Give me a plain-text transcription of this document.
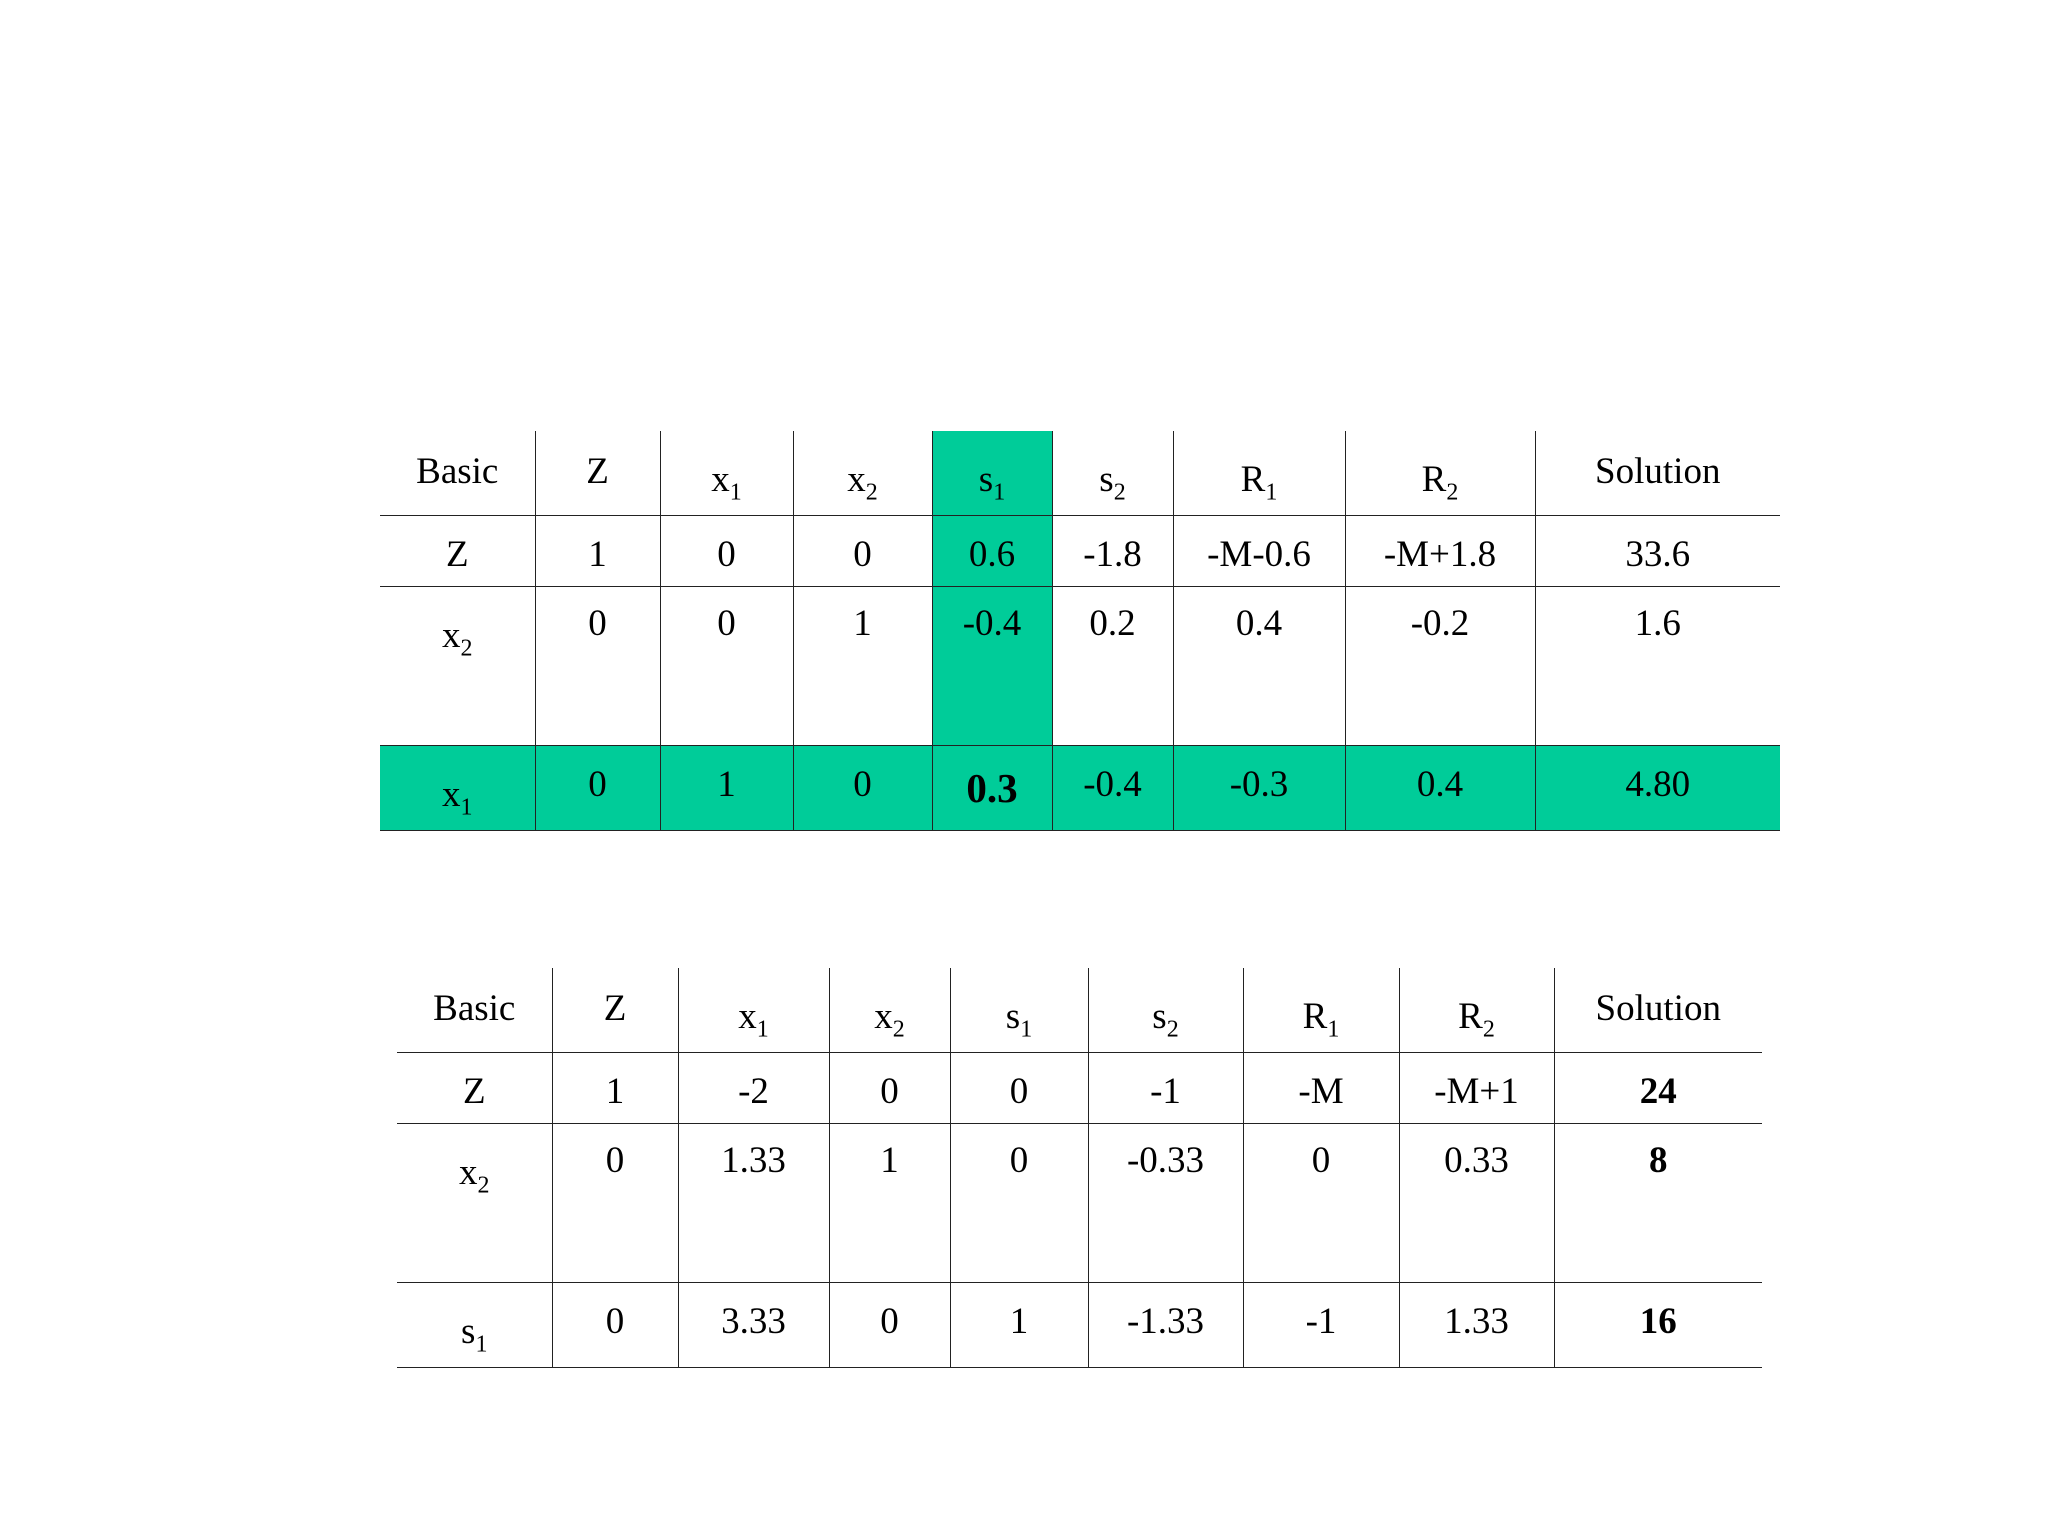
Basic	Z	$x_1$	$x_2$	$s_1$	$s_2$	$R_1$	$R_2$	Solution

Z	1	0	0	0.6	-1.8	-M-0.6	-M+1.8	33.6

$x_2$	0	0	1	-0.4	0.2	0.4	-0.2	1.6

$x_1$	0	1	0	0.3	-0.4	-0.3	0.4	4.80
Basic	Z	$x_1$	$x_2$	$s_1$	$s_2$	$R_1$	$R_2$	Solution

Z	1	-2	0	0	-1	-M	-M+1	24

$x_2$	0	1.33	1	0	-0.33	0	0.33	8

$s_1$	0	3.33	0	1	-1.33	-1	1.33	16
